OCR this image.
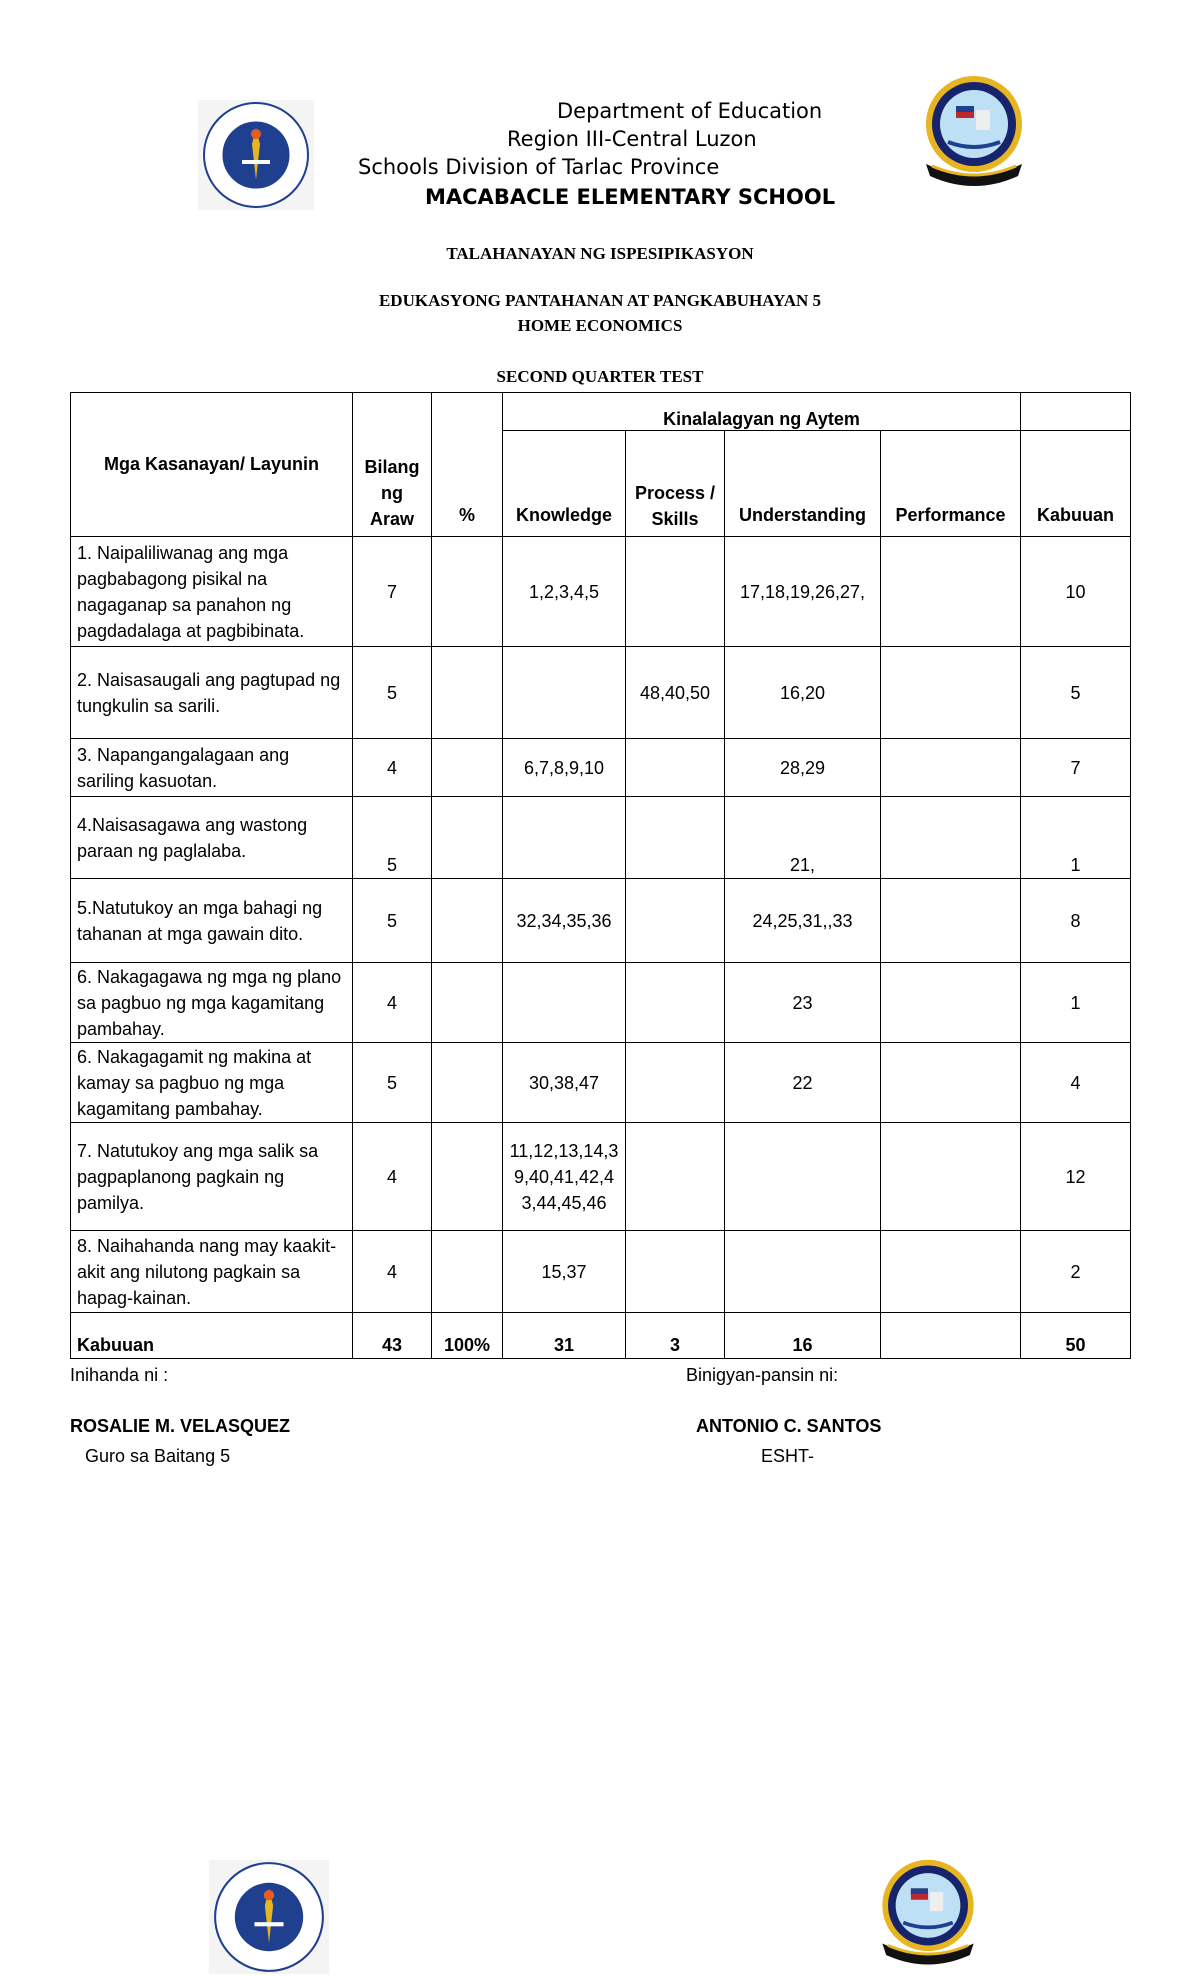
Department of Education
Region III-Central Luzon
Schools Division of Tarlac Province
MACABACLE ELEMENTARY SCHOOL
TALAHANAYAN NG ISPESIPIKASYON
EDUKASYONG PANTAHANAN AT PANGKABUHAYAN 5
HOME ECONOMICS
SECOND QUARTER TEST
Mga Kasanayan/ Layunin	Bilang ng Araw	%	Kinalalagyan ng Aytem				
			Knowledge	Process / Skills	Understanding	Performance	Kabuuan
1. Naipaliliwanag ang mga pagbabagong pisikal na nagaganap sa panahon ng pagdadalaga at pagbibinata.	7		1,2,3,4,5		17,18,19,26,27,		10
2. Naisasaugali ang pagtupad ng tungkulin sa sarili.	5			48,40,50	16,20		5
3. Napangangalagaan ang sariling kasuotan.	4		6,7,8,9,10		28,29		7
4.Naisasagawa ang wastong paraan ng paglalaba.	5				21,		1
5.Natutukoy an mga bahagi ng tahanan at mga gawain dito.	5		32,34,35,36		24,25,31,,33		8
6. Nakagagawa ng mga ng plano sa pagbuo ng mga kagamitang pambahay.	4				23		1
6. Nakagagamit ng makina at kamay sa pagbuo ng mga kagamitang pambahay.	5		30,38,47		22		4
7. Natutukoy ang mga salik sa pagpaplanong pagkain ng pamilya.	4		11,12,13,14,39,40,41,42,43,44,45,46				12
8. Naihahanda nang may kaakit-akit ang nilutong pagkain sa hapag-kainan.	4		15,37				2
Kabuuan	43	100%	31	3	16		50
Inihanda ni :	Binigyan-pansin ni:
ROSALIE M. VELASQUEZ	ANTONIO C. SANTOS
Guro sa Baitang 5	ESHT-
